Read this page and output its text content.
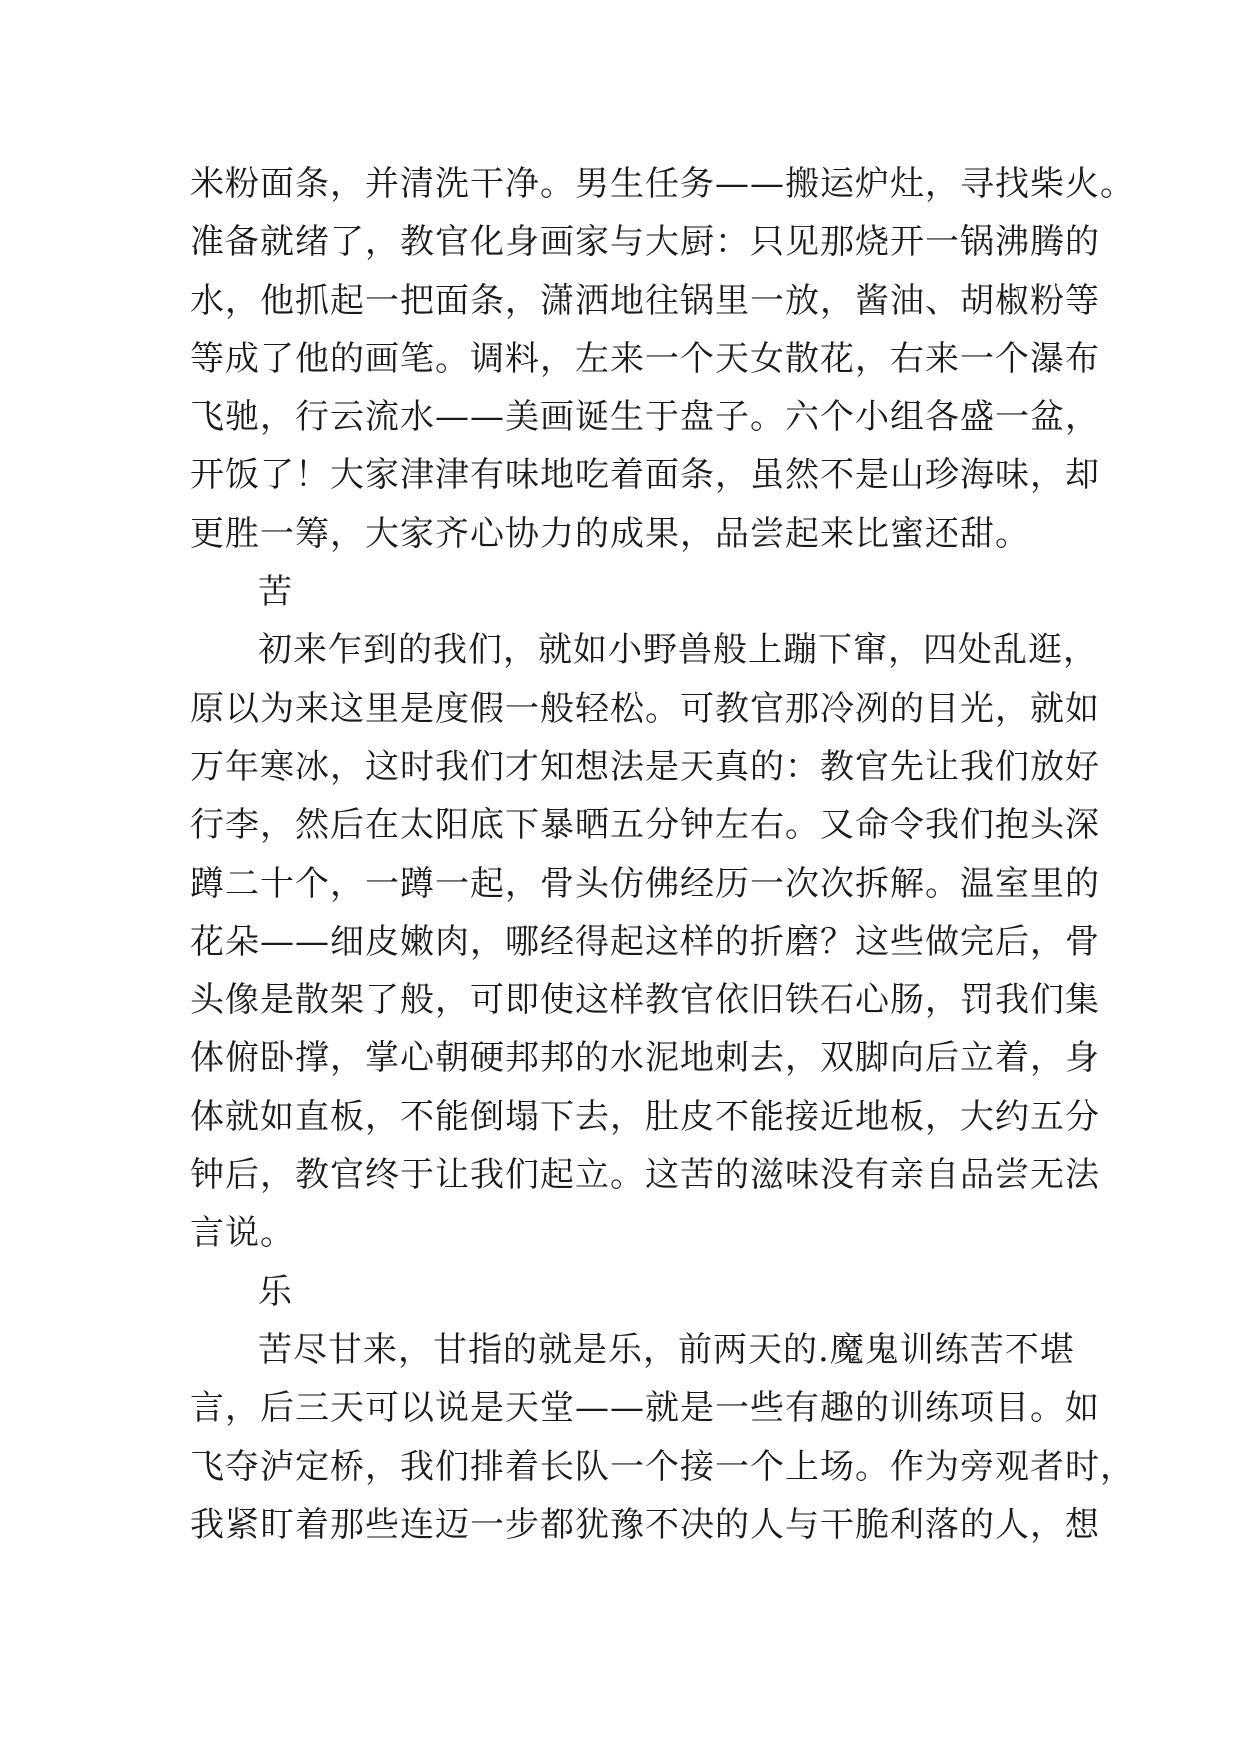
米粉面条，并清洗干净。男生任务——搬运炉灶，寻找柴火。
准备就绪了，教官化身画家与大厨：只见那烧开一锅沸腾的
水，他抓起一把面条，潇洒地往锅里一放，酱油、胡椒粉等
等成了他的画笔。调料，左来一个天女散花，右来一个瀑布
飞驰，行云流水——美画诞生于盘子。六个小组各盛一盆，
开饭了！大家津津有味地吃着面条，虽然不是山珍海味，却
更胜一筹，大家齐心协力的成果，品尝起来比蜜还甜。
苦
初来乍到的我们，就如小野兽般上蹦下窜，四处乱逛，
原以为来这里是度假一般轻松。可教官那冷冽的目光，就如
万年寒冰，这时我们才知想法是天真的：教官先让我们放好
行李，然后在太阳底下暴晒五分钟左右。又命令我们抱头深
蹲二十个，一蹲一起，骨头仿佛经历一次次拆解。温室里的
花朵——细皮嫩肉，哪经得起这样的折磨？这些做完后，骨
头像是散架了般，可即使这样教官依旧铁石心肠，罚我们集
体俯卧撑，掌心朝硬邦邦的水泥地刺去，双脚向后立着，身
体就如直板，不能倒塌下去，肚皮不能接近地板，大约五分
钟后，教官终于让我们起立。这苦的滋味没有亲自品尝无法
言说。
乐
苦尽甘来，甘指的就是乐，前两天的.魔鬼训练苦不堪
言，后三天可以说是天堂——就是一些有趣的训练项目。如
飞夺泸定桥，我们排着长队一个接一个上场。作为旁观者时，
我紧盯着那些连迈一步都犹豫不决的人与干脆利落的人，想
